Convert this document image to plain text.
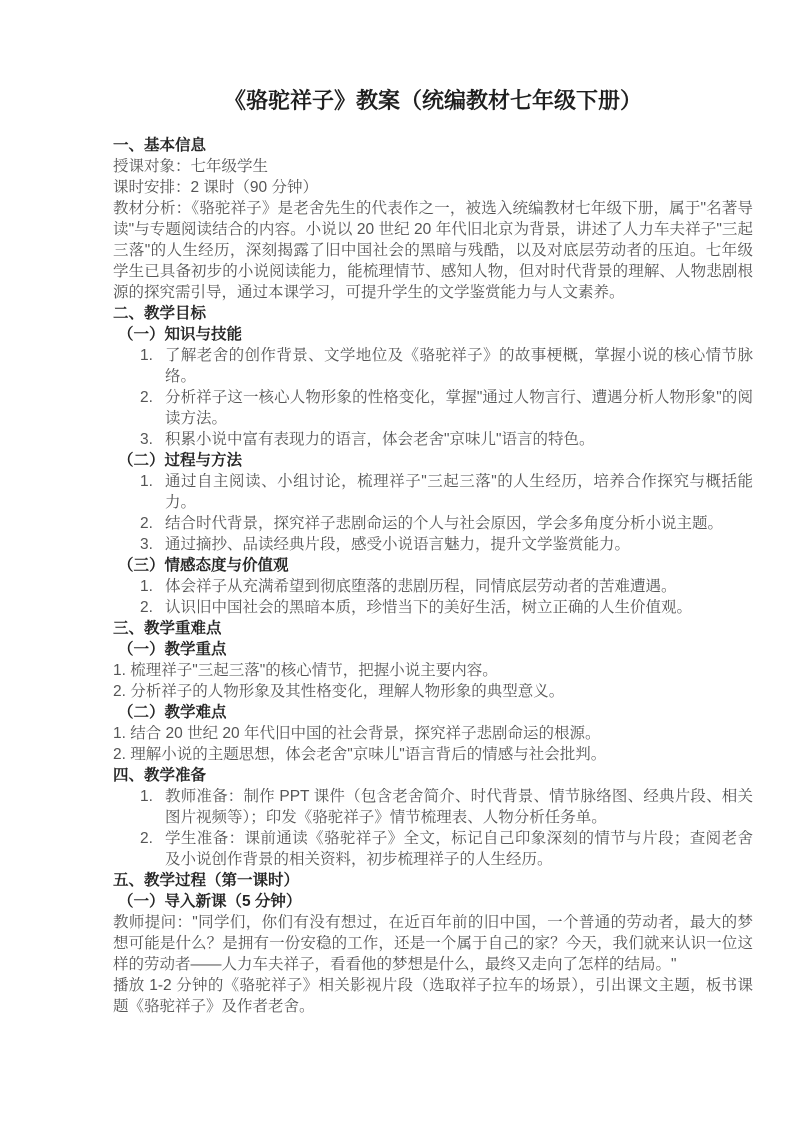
《骆驼祥子》教案（统编教材七年级下册）
一、基本信息

授课对象：七年级学生

课时安排：2 课时（90 分钟）

教材分析：《骆驼祥子》是老舍先生的代表作之一，被选入统编教材七年级下册，属于"名著导读"与专题阅读结合的内容。小说以 20 世纪 20 年代旧北京为背景，讲述了人力车夫祥子"三起三落"的人生经历，深刻揭露了旧中国社会的黑暗与残酷，以及对底层劳动者的压迫。七年级学生已具备初步的小说阅读能力，能梳理情节、感知人物，但对时代背景的理解、人物悲剧根源的探究需引导，通过本课学习，可提升学生的文学鉴赏能力与人文素养。

二、教学目标
（一）知识与技能
1. 了解老舍的创作背景、文学地位及《骆驼祥子》的故事梗概，掌握小说的核心情节脉络。
2. 分析祥子这一核心人物形象的性格变化，掌握"通过人物言行、遭遇分析人物形象"的阅读方法。
3. 积累小说中富有表现力的语言，体会老舍"京味儿"语言的特色。
（二）过程与方法
1. 通过自主阅读、小组讨论，梳理祥子"三起三落"的人生经历，培养合作探究与概括能力。
2. 结合时代背景，探究祥子悲剧命运的个人与社会原因，学会多角度分析小说主题。
3. 通过摘抄、品读经典片段，感受小说语言魅力，提升文学鉴赏能力。
（三）情感态度与价值观
1. 体会祥子从充满希望到彻底堕落的悲剧历程，同情底层劳动者的苦难遭遇。
2. 认识旧中国社会的黑暗本质，珍惜当下的美好生活，树立正确的人生价值观。
三、教学重难点
（一）教学重点

1. 梳理祥子"三起三落"的核心情节，把握小说主要内容。

2. 分析祥子的人物形象及其性格变化，理解人物形象的典型意义。

（二）教学难点

1. 结合 20 世纪 20 年代旧中国的社会背景，探究祥子悲剧命运的根源。

2. 理解小说的主题思想，体会老舍"京味儿"语言背后的情感与社会批判。

四、教学准备
1. 教师准备：制作 PPT 课件（包含老舍简介、时代背景、情节脉络图、经典片段、相关图片视频等）；印发《骆驼祥子》情节梳理表、人物分析任务单。
2. 学生准备：课前通读《骆驼祥子》全文，标记自己印象深刻的情节与片段；查阅老舍及小说创作背景的相关资料，初步梳理祥子的人生经历。
五、教学过程（第一课时）
（一）导入新课（5 分钟）

教师提问："同学们，你们有没有想过，在近百年前的旧中国，一个普通的劳动者，最大的梦想可能是什么？是拥有一份安稳的工作，还是一个属于自己的家？今天，我们就来认识一位这样的劳动者——人力车夫祥子，看看他的梦想是什么，最终又走向了怎样的结局。"

播放 1-2 分钟的《骆驼祥子》相关影视片段（选取祥子拉车的场景），引出课文主题，板书课题《骆驼祥子》及作者老舍。
